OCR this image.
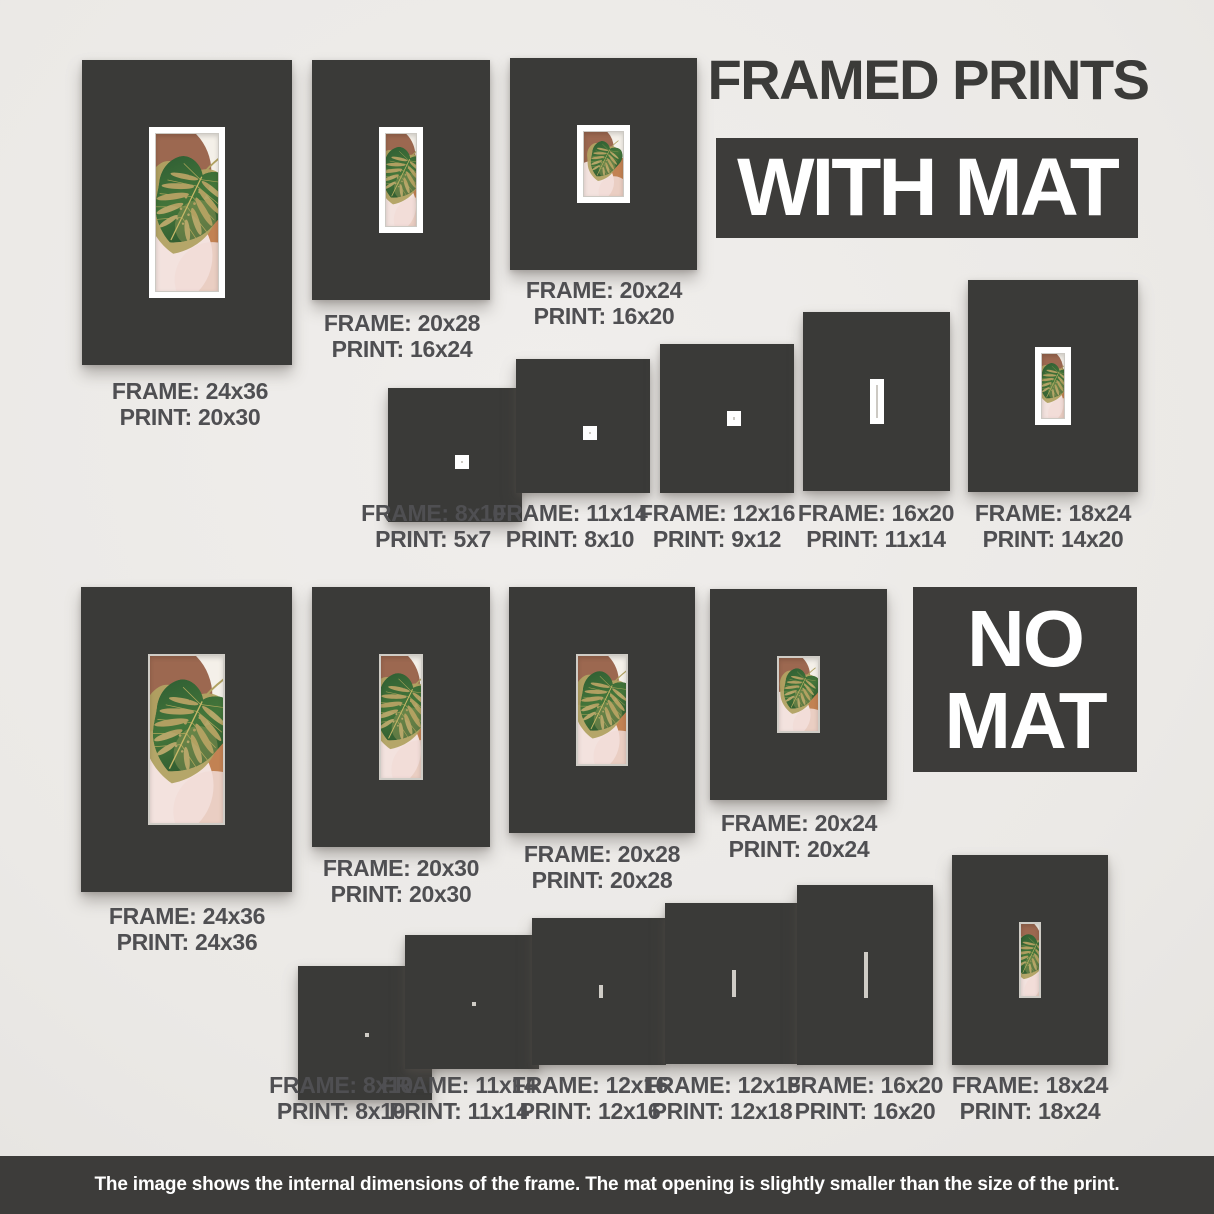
FRAMED PRINTS
WITH MAT
NO
MAT
The image shows the internal dimensions of the frame. The mat opening is slightly smaller than the size of the print.
FRAME: 24x36
PRINT: 20x30
FRAME: 20x28
PRINT: 16x24
FRAME: 20x24
PRINT: 16x20
FRAME: 8x10
PRINT: 5x7
FRAME: 11x14
PRINT: 8x10
FRAME: 12x16
PRINT: 9x12
FRAME: 16x20
PRINT: 11x14
FRAME: 18x24
PRINT: 14x20
FRAME: 24x36
PRINT: 24x36
FRAME: 20x30
PRINT: 20x30
FRAME: 20x28
PRINT: 20x28
FRAME: 20x24
PRINT: 20x24
FRAME: 8x10
PRINT: 8x10
FRAME: 11x14
PRINT: 11x14
FRAME: 12x16
PRINT: 12x16
FRAME: 12x18
PRINT: 12x18
FRAME: 16x20
PRINT: 16x20
FRAME: 18x24
PRINT: 18x24
